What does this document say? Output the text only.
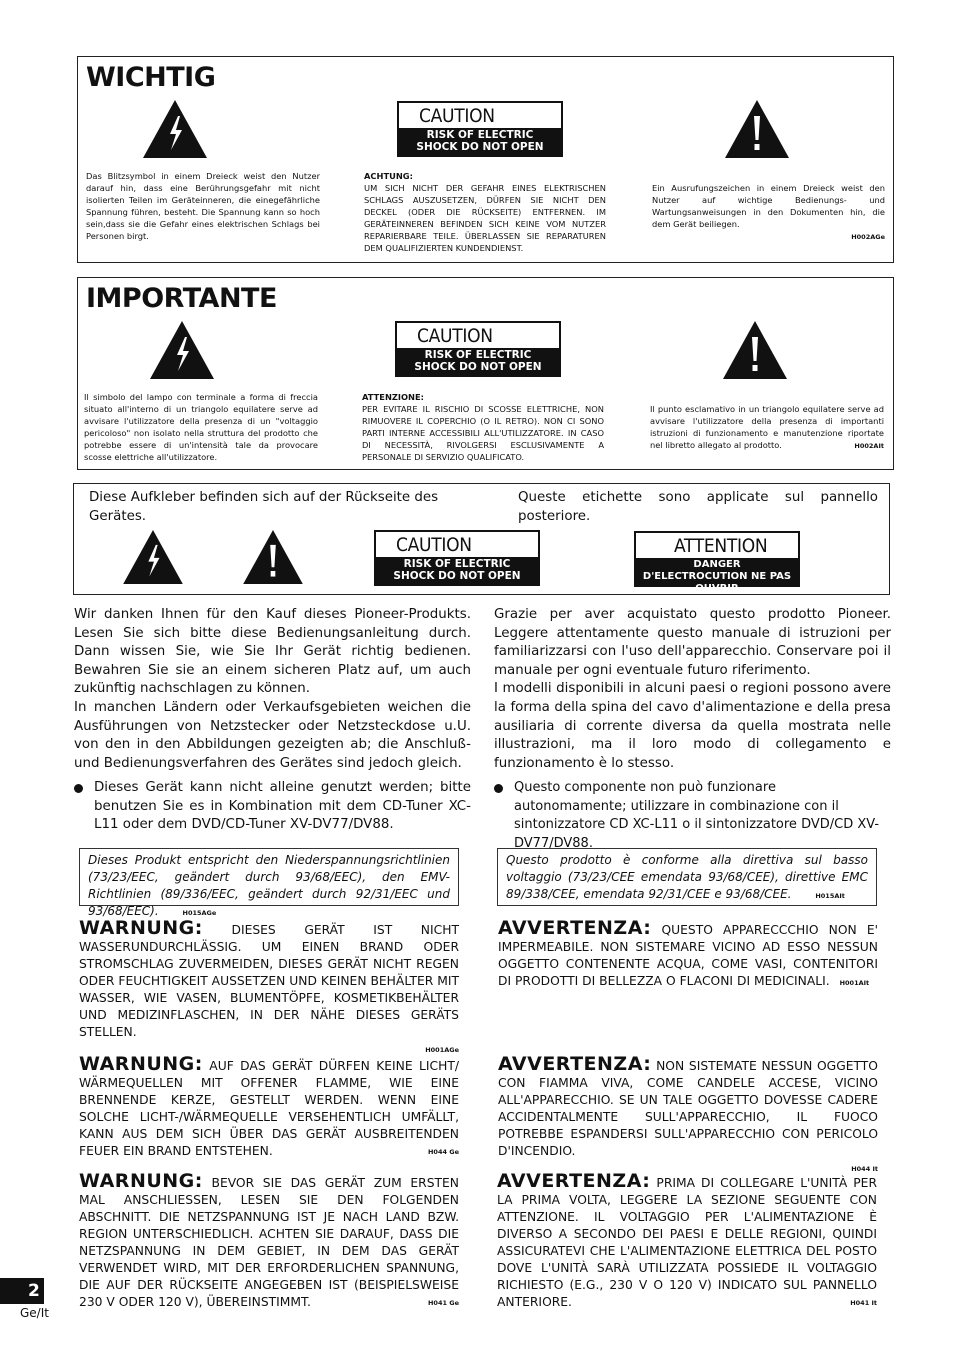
WICHTIG
CAUTION
RISK OF ELECTRIC SHOCK DO NOT OPEN
Das Blitzsymbol in einem Dreieck weist den Nutzer darauf hin, dass eine Berührungsgefahr mit nicht isolierten Teilen im Geräteinneren, die einegefährliche Spannung führen, besteht. Die Spannung kann so hoch sein,dass sie die Gefahr eines elektrischen Schlags bei Personen birgt.
ACHTUNG:
UM SICH NICHT DER GEFAHR EINES ELEKTRISCHEN SCHLAGS AUSZUSETZEN, DÜRFEN SIE NICHT DEN DECKEL (ODER DIE RÜCKSEITE) ENTFERNEN. IM GERÄTEINNEREN BEFINDEN SICH KEINE VOM NUTZER REPARIERBARE TEILE. ÜBERLASSEN SIE REPARATUREN DEM QUALIFIZIERTEN KUNDENDIENST.
Ein Ausrufungszeichen in einem Dreieck weist den Nutzer auf wichtige Bedienungs- und Wartungsanweisungen in den Dokumenten hin, die dem Gerät beiliegen.

H002AGe
IMPORTANTE
CAUTION
RISK OF ELECTRIC SHOCK DO NOT OPEN
Il simbolo del lampo con terminale a forma di freccia situato all'interno di un triangolo equilatere serve ad avvisare l'utilizzatore della presenza di un "voltaggio pericoloso" non isolato nella struttura del prodotto che potrebbe essere di un'intensità tale da provocare scosse elettriche all'utilizzatore.
ATTENZIONE:
PER EVITARE IL RISCHIO DI SCOSSE ELETTRICHE, NON RIMUOVERE IL COPERCHIO (O IL RETRO). NON CI SONO PARTI INTERNE ACCESSIBILI ALL'UTILIZZATORE. IN CASO DI NECESSITÀ, RIVOLGERSI ESCLUSIVAMENTE A PERSONALE DI SERVIZIO QUALIFICATO.
Il punto esclamativo in un triangolo equilatere serve ad avvisare l'utilizzatore della presenza di importanti istruzioni di funzionamento e manutenzione riportate nel libretto allegato al prodotto.	H002AIt
Diese Aufkleber befinden sich auf der Rückseite des Gerätes.
Queste etichette sono applicate sul pannello posteriore.
CAUTION
RISK OF ELECTRIC SHOCK DO NOT OPEN
ATTENTION
DANGER D'ELECTROCUTION NE PAS OUVRIR
Wir danken Ihnen für den Kauf dieses Pioneer-Produkts. Lesen Sie sich bitte diese Bedienungsanleitung durch. Dann wissen Sie, wie Sie Ihr Gerät richtig bedienen. Bewahren Sie sie an einem sicheren Platz auf, um auch zukünftig nachschlagen zu können.
In manchen Ländern oder Verkaufsgebieten weichen die Ausführungen von Netzstecker oder Netzsteckdose u.U. von den in den Abbildungen gezeigten ab; die Anschluß- und Bedienungsverfahren des Gerätes sind jedoch gleich.
Dieses Gerät kann nicht alleine genutzt werden; bitte benutzen Sie es in Kombination mit dem CD-Tuner XC-L11 oder dem DVD/CD-Tuner XV-DV77/DV88.
Dieses Produkt entspricht den Niederspannungsrichtlinien (73/23/EEC, geändert durch 93/68/EEC), den EMV-Richtlinien (89/336/EEC, geändert durch 92/31/EEC und 93/68/EEC).	H015AGe
WARNUNG: DIESES GERÄT IST NICHT WASSERUNDURCHLÄSSIG. UM EINEN BRAND ODER STROMSCHLAG ZUVERMEIDEN, DIESES GERÄT NICHT REGEN ODER FEUCHTIGKEIT AUSSETZEN UND KEINEN BEHÄLTER MIT WASSER, WIE VASEN, BLUMENTÖPFE, KOSMETIKBEHÄLTER UND MEDIZINFLASCHEN, IN DER NÄHE DIESES GERÄTS STELLEN.

H001AGe
WARNUNG: AUF DAS GERÄT DÜRFEN KEINE LICHT/ WÄRMEQUELLEN MIT OFFENER FLAMME, WIE EINE BRENNENDE KERZE, GESTELLT WERDEN. WENN EINE SOLCHE LICHT-/WÄRMEQUELLE VERSEHENTLICH UMFÄLLT, KANN AUS DEM SICH ÜBER DAS GERÄT AUSBREITENDEN FEUER EIN BRAND ENTSTEHEN.	H044 Ge
WARNUNG: BEVOR SIE DAS GERÄT ZUM ERSTEN MAL ANSCHLIESSEN, LESEN SIE DEN FOLGENDEN ABSCHNITT. DIE NETZSPANNUNG IST JE NACH LAND BZW. REGION UNTERSCHIEDLICH. ACHTEN SIE DARAUF, DASS DIE NETZSPANNUNG IN DEM GEBIET, IN DEM DAS GERÄT VERWENDET WIRD, MIT DER ERFORDERLICHEN SPANNUNG, DIE AUF DER RÜCKSEITE ANGEGEBEN IST (BEISPIELSWEISE 230 V ODER 120 V), ÜBEREINSTIMMT.	H041 Ge
Grazie per aver acquistato questo prodotto Pioneer. Leggere attentamente questo manuale di istruzioni per familiarizzarsi con l'uso dell'apparecchio. Conservare poi il manuale per ogni eventuale futuro riferimento.
I modelli disponibili in alcuni paesi o regioni possono avere la forma della spina del cavo d'alimentazione e della presa ausiliaria di corrente diversa da quella mostrata nelle illustrazioni, ma il loro modo di collegamento e funzionamento è lo stesso.
Questo componente non può funzionare autonomamente; utilizzare in combinazione con il sintonizzatore CD XC-L11 o il sintonizzatore DVD/CD XV-DV77/DV88.
Questo prodotto è conforme alla direttiva sul basso voltaggio (73/23/CEE emendata 93/68/CEE), direttive EMC 89/338/CEE, emendata 92/31/CEE e 93/68/CEE.	H015AIt
AVVERTENZA: QUESTO APPARECCCHIO NON E' IMPERMEABILE. NON SISTEMARE VICINO AD ESSO NESSUN OGGETTO CONTENENTE ACQUA, COME VASI, CONTENITORI DI PRODOTTI DI BELLEZZA O FLACONI DI MEDICINALI. H001AIt
AVVERTENZA: NON SISTEMATE NESSUN OGGETTO CON FIAMMA VIVA, COME CANDELE ACCESE, VICINO ALL'APPARECCHIO. SE UN TALE OGGETTO DOVESSE CADERE ACCIDENTALMENTE SULL'APPARECCHIO, IL FUOCO POTREBBE ESPANDERSI SULL'APPARECCHIO CON PERICOLO D'INCENDIO.

H044 It
AVVERTENZA: PRIMA DI COLLEGARE L'UNITÀ PER LA PRIMA VOLTA, LEGGERE LA SEZIONE SEGUENTE CON ATTENZIONE. IL VOLTAGGIO PER L'ALIMENTAZIONE È DIVERSO A SECONDO DEI PAESI E DELLE REGIONI, QUINDI ASSICURATEVI CHE L'ALIMENTAZIONE ELETTRICA DEL POSTO DOVE L'UNITÀ SARÀ UTILIZZATA POSSIEDE IL VOLTAGGIO RICHIESTO (E.G., 230 V O 120 V) INDICATO SUL PANNELLO ANTERIORE.	H041 It
2
Ge/It
